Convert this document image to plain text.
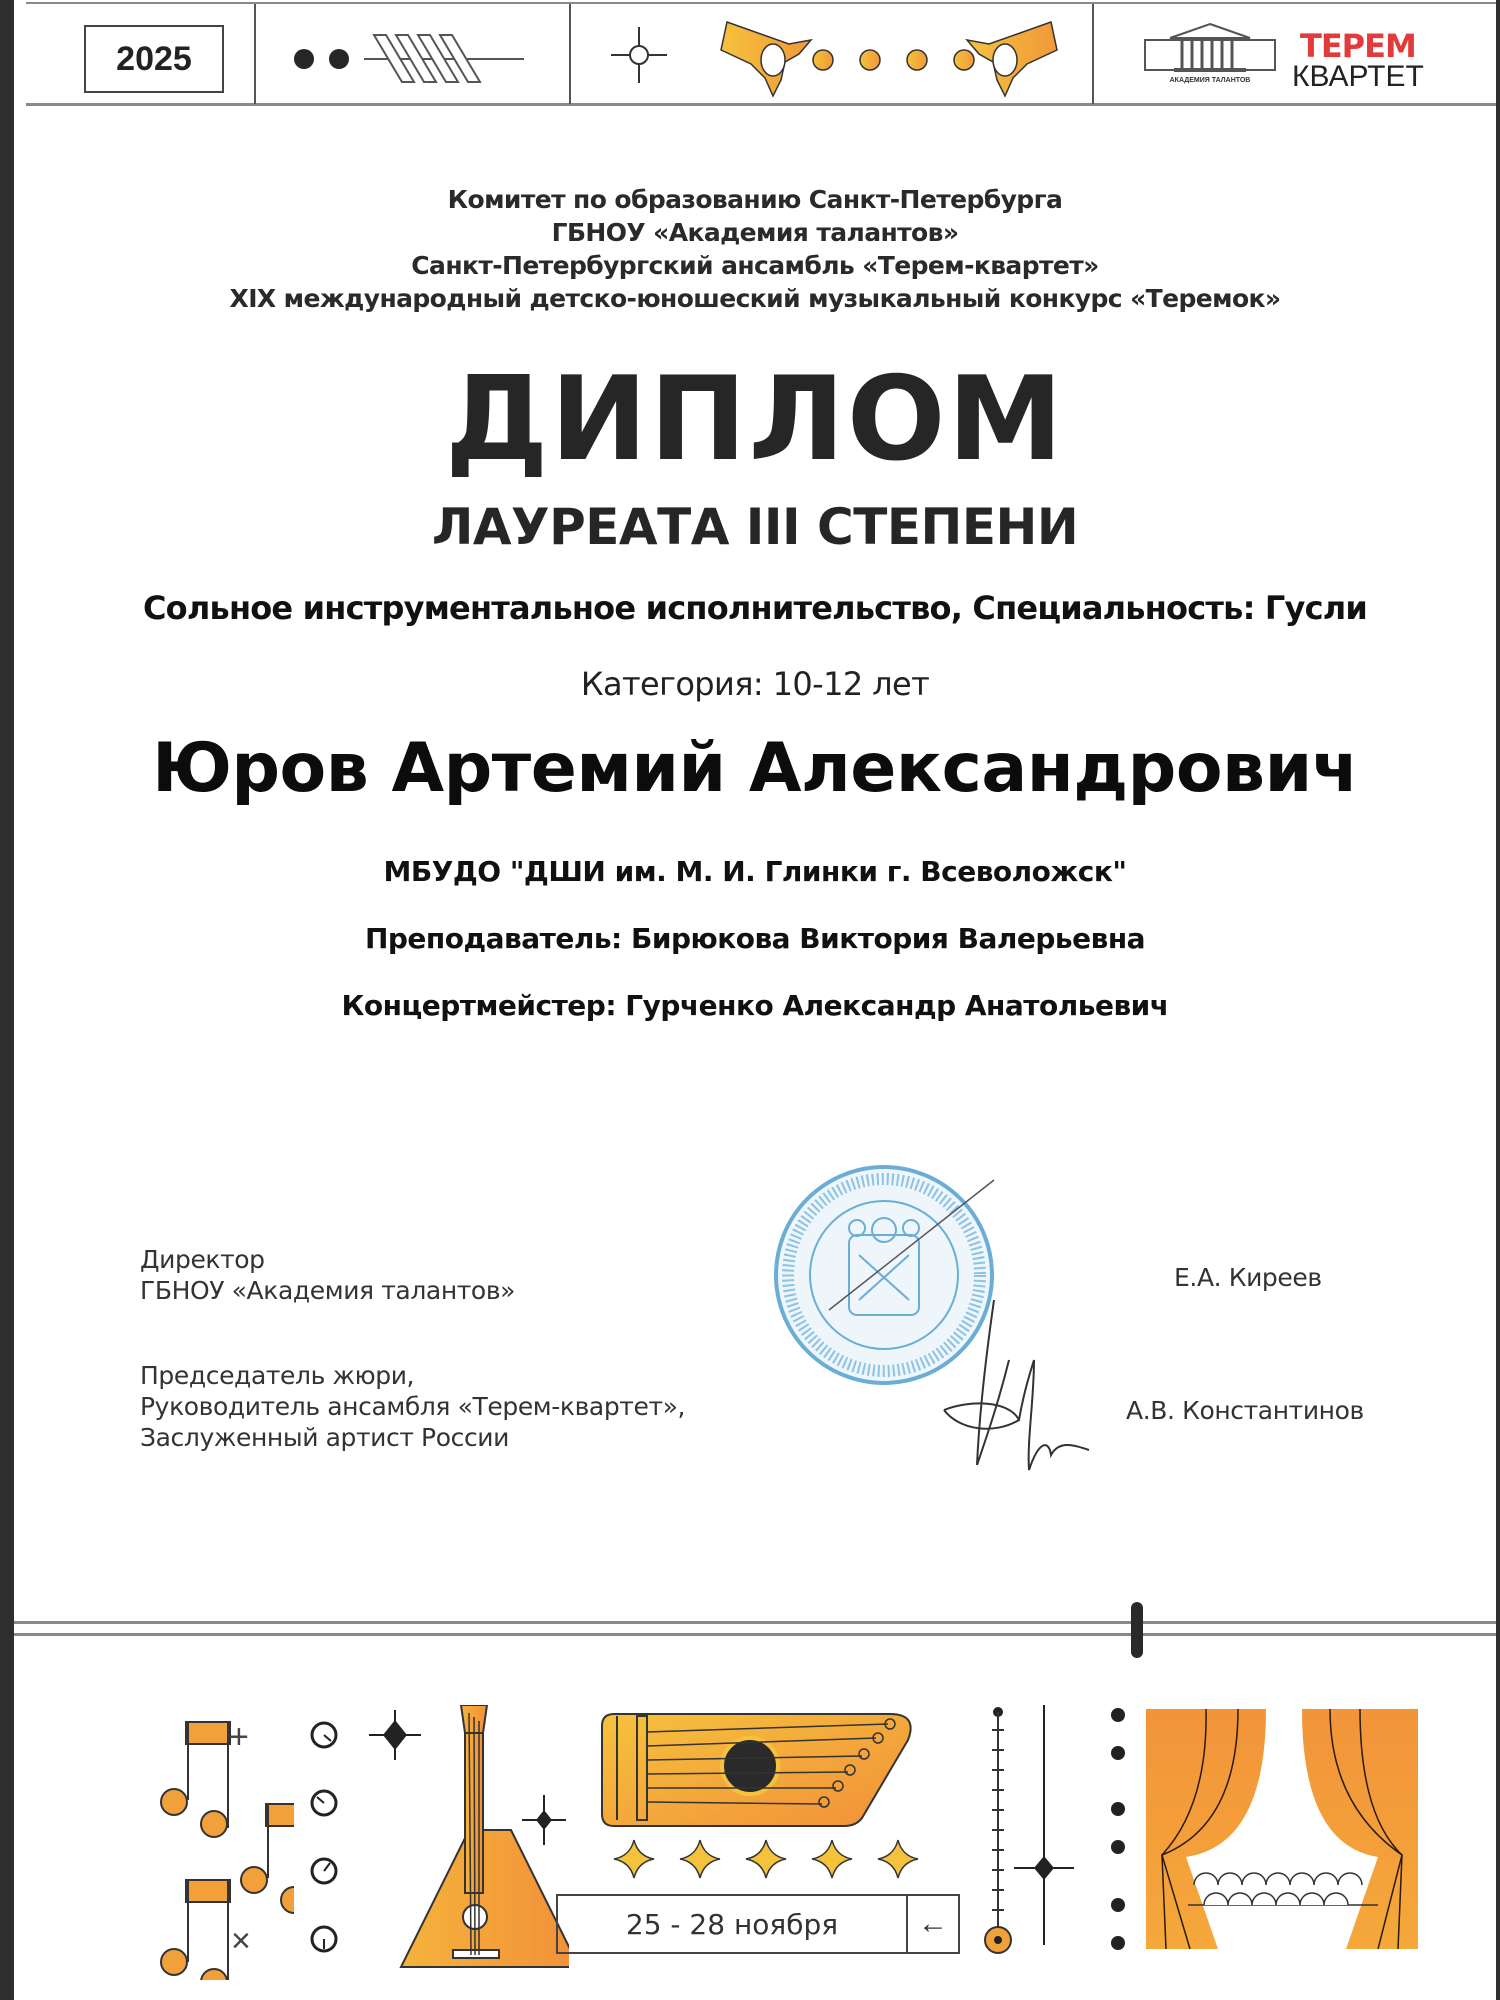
2025
АКАДЕМИЯ ТАЛАНТОВ
ТЕРЕМ
КВАРТЕТ
Комитет по образованию Санкт-Петербурга
ГБНОУ «Академия талантов»
Санкт-Петербургский ансамбль «Терем-квартет»
XIX международный детско-юношеский музыкальный конкурс «Теремок»
ДИПЛОМ
ЛАУРЕАТА III СТЕПЕНИ
Сольное инструментальное исполнительство, Специальность: Гусли
Категория: 10-12 лет
Юров Артемий Александрович
МБУДО "ДШИ им. М. И. Глинки г. Всеволожск"
Преподаватель: Бирюкова Виктория Валерьевна
Концертмейстер: Гурченко Александр Анатольевич
Директор
ГБНОУ «Академия талантов»	Е.А. Киреев
Председатель жюри,
Руководитель ансамбля «Терем-квартет»,
Заслуженный артист России
А.В. Константинов
+
×	25 - 28 ноября	←
